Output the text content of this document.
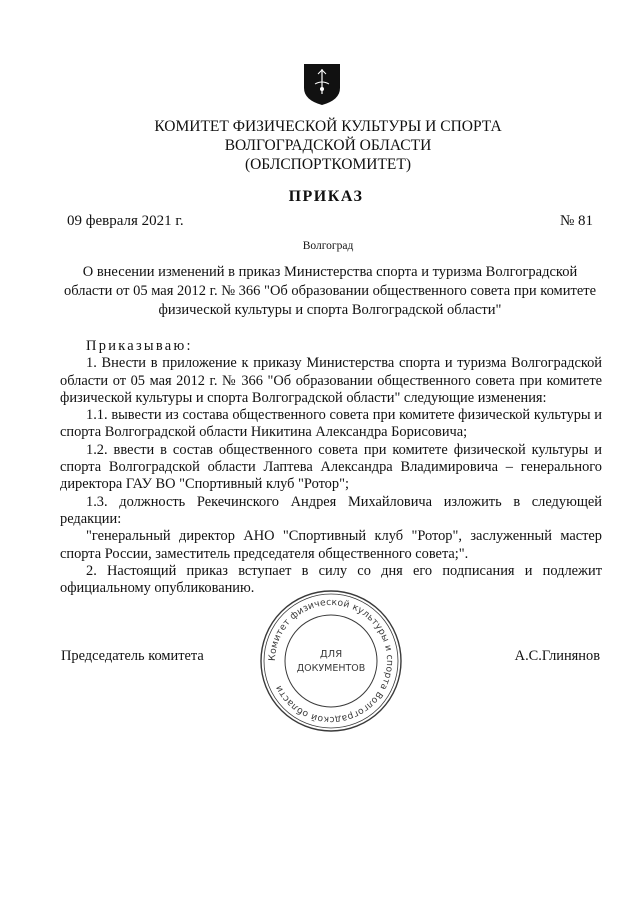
КОМИТЕТ ФИЗИЧЕСКОЙ КУЛЬТУРЫ И СПОРТА
ВОЛГОГРАДСКОЙ ОБЛАСТИ
(ОБЛСПОРТКОМИТЕТ)
ПРИКАЗ
09 февраля 2021 г.	№ 81
Волгоград
О внесении изменений в приказ Министерства спорта и туризма Волгоградской области от 05 мая 2012 г. № 366 "Об образовании общественного совета при комитете физической культуры и спорта Волгоградской области"

Приказываю:

1. Внести в приложение к приказу Министерства спорта и туризма Волгоградской области от 05 мая 2012 г. № 366 "Об образовании общественного совета при комитете физической культуры и спорта Волгоградской области" следующие изменения:

1.1. вывести из состава общественного совета при комитете физической культуры и спорта Волгоградской области Никитина Александра Борисовича;

1.2. ввести в состав общественного совета при комитете физической культуры и спорта Волгоградской области Лаптева Александра Владимировича – генерального директора ГАУ ВО "Спортивный клуб "Ротор";

1.3. должность Рекечинского Андрея Михайловича изложить в следующей редакции:

"генеральный директор АНО "Спортивный клуб "Ротор", заслуженный мастер спорта России, заместитель председателя общественного совета;".

2. Настоящий приказ вступает в силу со дня его подписания и подлежит официальному опубликованию.

Председатель комитета	А.С.Глинянов
Комитет физической культуры и спорта Волгоградской области
ДЛЯ
ДОКУМЕНТОВ
